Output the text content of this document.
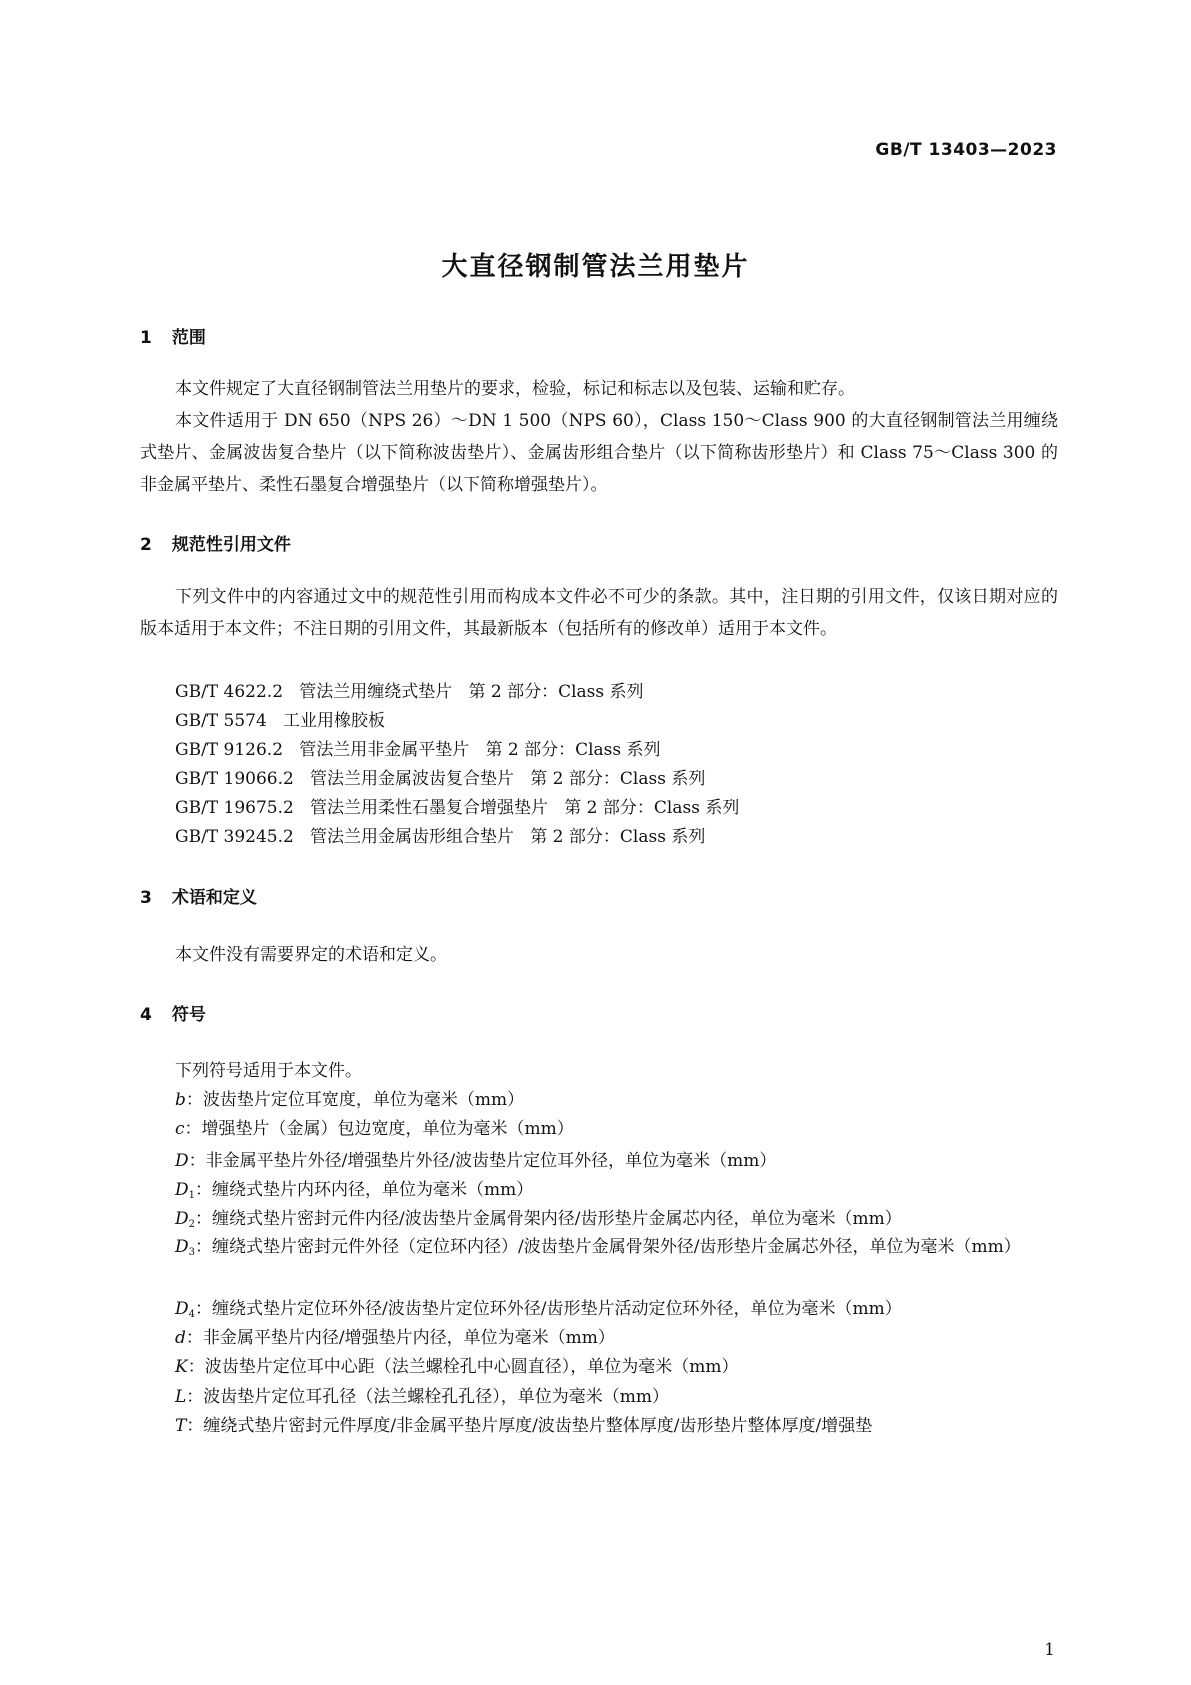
GB/T 13403—2023
大直径钢制管法兰用垫片
1 范围
本文件规定了大直径钢制管法兰用垫片的要求，检验，标记和标志以及包装、运输和贮存。
本文件适用于 DN 650（NPS 26）～DN 1 500（NPS 60），Class 150～Class 900 的大直径钢制管法兰用缠绕式垫片、金属波齿复合垫片（以下简称波齿垫片）、金属齿形组合垫片（以下简称齿形垫片）和 Class 75～Class 300 的非金属平垫片、柔性石墨复合增强垫片（以下简称增强垫片）。
2 规范性引用文件
下列文件中的内容通过文中的规范性引用而构成本文件必不可少的条款。其中，注日期的引用文件，仅该日期对应的版本适用于本文件；不注日期的引用文件，其最新版本（包括所有的修改单）适用于本文件。
GB/T 4622.2   管法兰用缠绕式垫片   第 2 部分：Class 系列
GB/T 5574   工业用橡胶板
GB/T 9126.2   管法兰用非金属平垫片   第 2 部分：Class 系列
GB/T 19066.2   管法兰用金属波齿复合垫片   第 2 部分：Class 系列
GB/T 19675.2   管法兰用柔性石墨复合增强垫片   第 2 部分：Class 系列
GB/T 39245.2   管法兰用金属齿形组合垫片   第 2 部分：Class 系列
3 术语和定义
本文件没有需要界定的术语和定义。
4 符号
下列符号适用于本文件。
b：波齿垫片定位耳宽度，单位为毫米（mm）
c：增强垫片（金属）包边宽度，单位为毫米（mm）
D：非金属平垫片外径/增强垫片外径/波齿垫片定位耳外径，单位为毫米（mm）
$D_1$：缠绕式垫片内环内径，单位为毫米（mm）
$D_2$：缠绕式垫片密封元件内径/波齿垫片金属骨架内径/齿形垫片金属芯内径，单位为毫米（mm）
$D_3$：缠绕式垫片密封元件外径（定位环内径）/波齿垫片金属骨架外径/齿形垫片金属芯外径，单位为毫米（mm）
$D_4$：缠绕式垫片定位环外径/波齿垫片定位环外径/齿形垫片活动定位环外径，单位为毫米（mm）
d：非金属平垫片内径/增强垫片内径，单位为毫米（mm）
K：波齿垫片定位耳中心距（法兰螺栓孔中心圆直径），单位为毫米（mm）
L：波齿垫片定位耳孔径（法兰螺栓孔孔径），单位为毫米（mm）
T：缠绕式垫片密封元件厚度/非金属平垫片厚度/波齿垫片整体厚度/齿形垫片整体厚度/增强垫
1
